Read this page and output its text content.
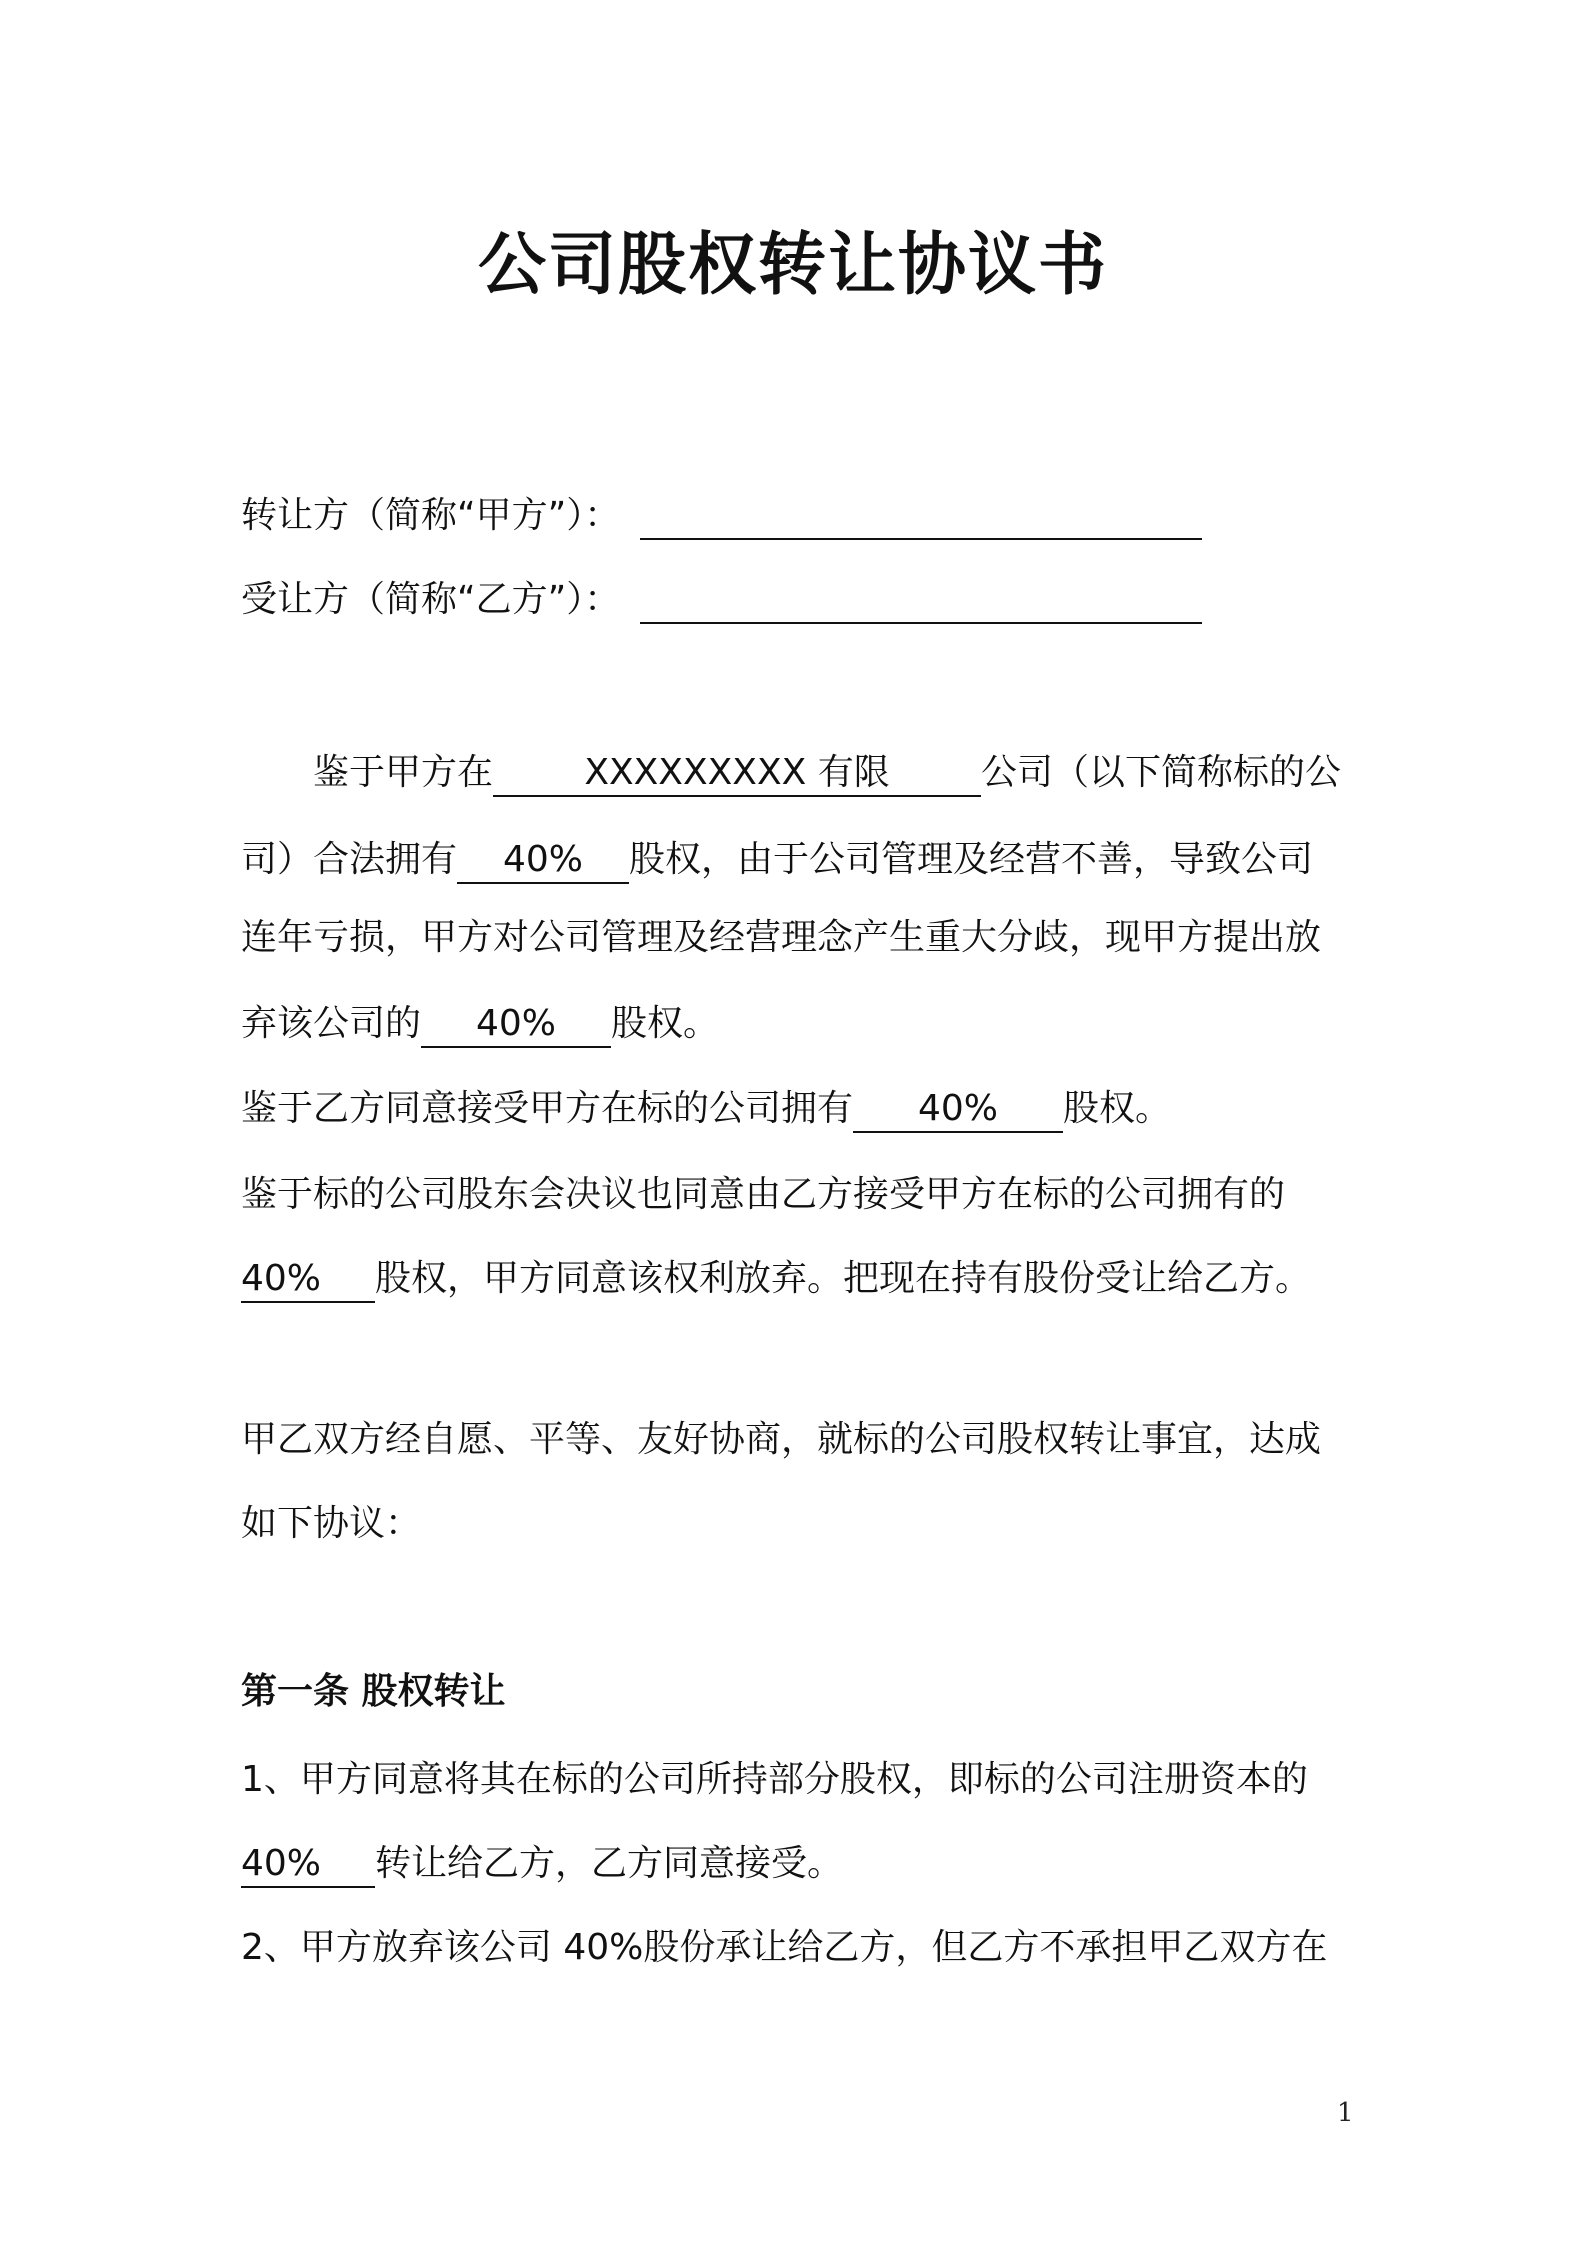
公司股权转让协议书
转让方（简称“甲方”）：
受让方（简称“乙方”）：
鉴于甲方在	XXXXXXXXX 有限	公司（以下简称标的公
司）合法拥有 40% 股权，由于公司管理及经营不善，导致公司
连年亏损，甲方对公司管理及经营理念产生重大分歧，现甲方提出放
弃该公司的 40% 股权。
鉴于乙方同意接受甲方在标的公司拥有 40% 股权。
鉴于标的公司股东会决议也同意由乙方接受甲方在标的公司拥有的
40% 股权，甲方同意该权利放弃。把现在持有股份受让给乙方。
甲乙双方经自愿、平等、友好协商，就标的公司股权转让事宜，达成
如下协议：
第一条 股权转让
1、甲方同意将其在标的公司所持部分股权，即标的公司注册资本的
40% 转让给乙方，乙方同意接受。
2、甲方放弃该公司 40%股份承让给乙方，但乙方不承担甲乙双方在
1
